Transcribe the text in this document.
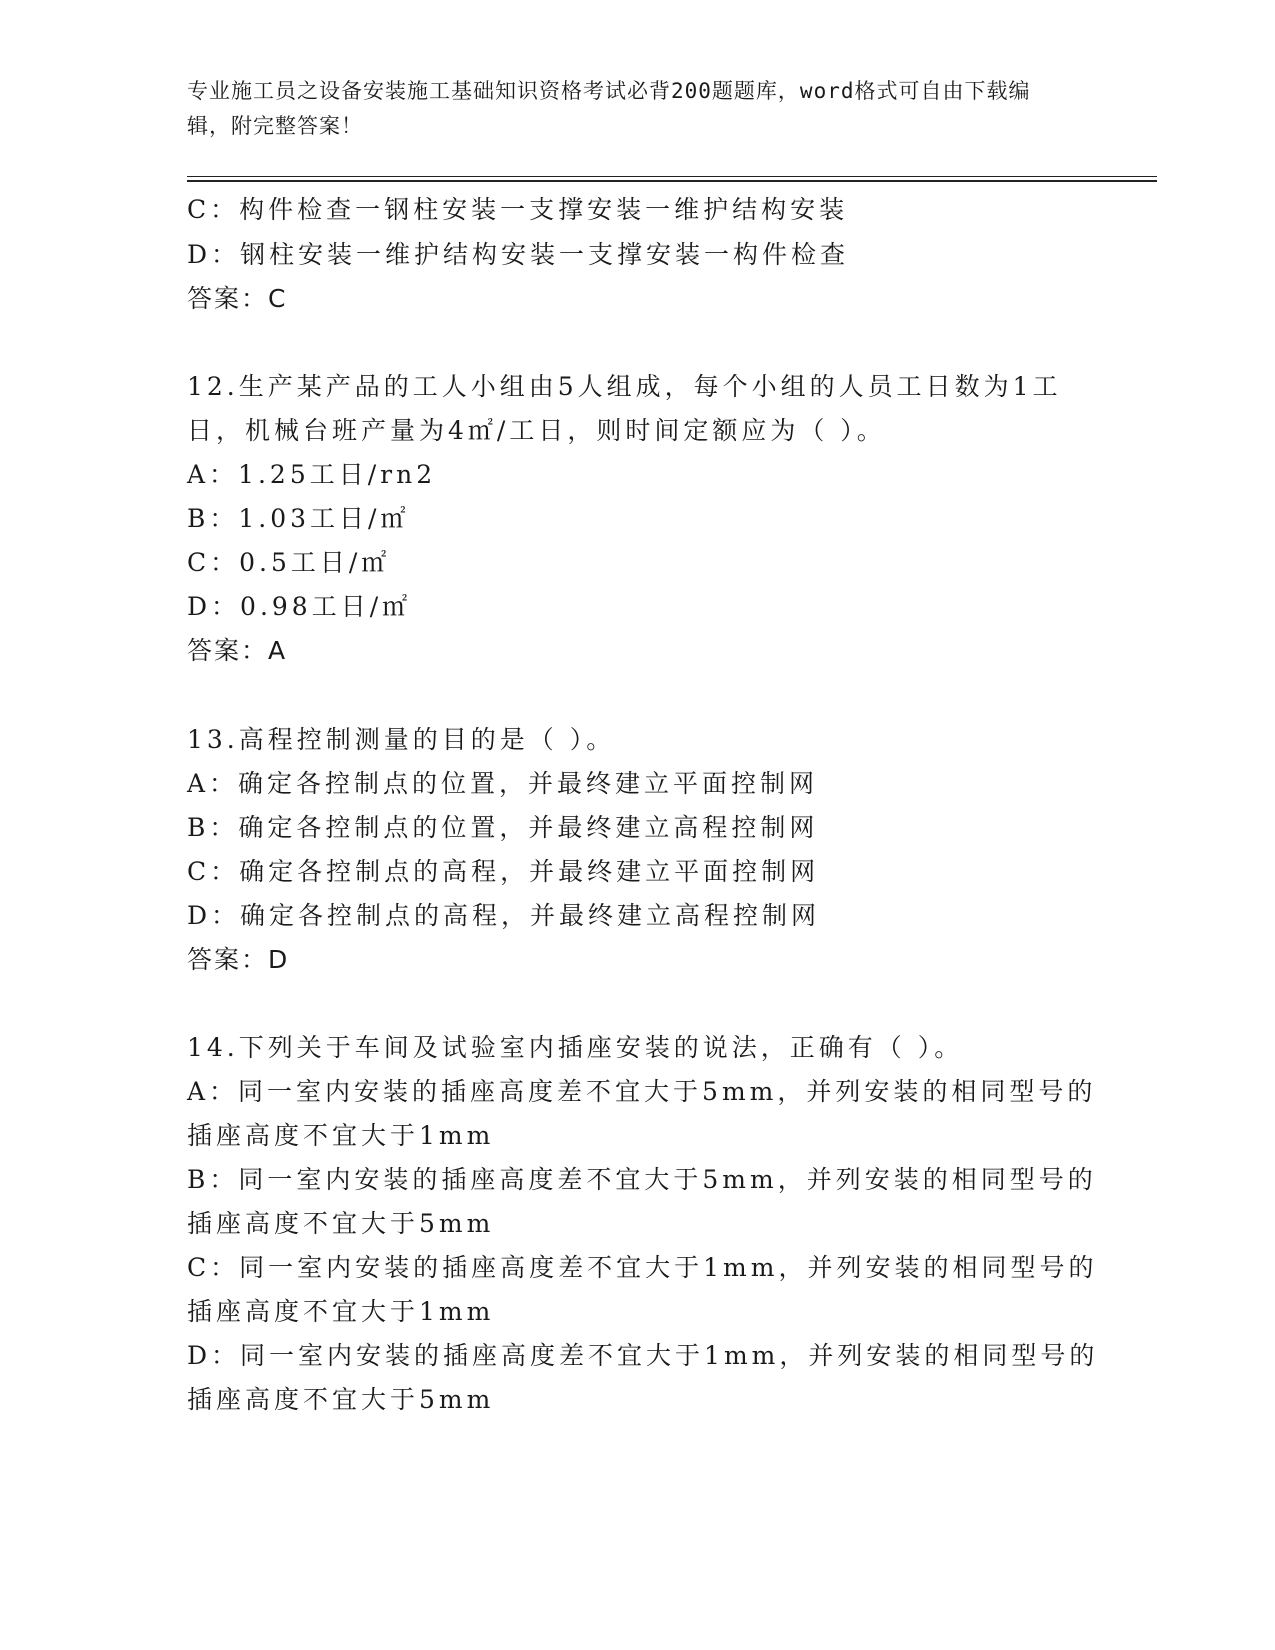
专业施工员之设备安装施工基础知识资格考试必背200题题库，word格式可自由下载编辑，附完整答案！
C：构件检查一钢柱安装一支撑安装一维护结构安装
D：钢柱安装一维护结构安装一支撑安装一构件检查
答案：C
12.生产某产品的工人小组由5人组成，每个小组的人员工日数为1工
日，机械台班产量为4㎡/工日，则时间定额应为（ ）。
A：1.25工日/rn2
B：1.03工日/㎡
C：0.5工日/㎡
D：0.98工日/㎡
答案：A
13.高程控制测量的目的是（ ）。
A：确定各控制点的位置，并最终建立平面控制网
B：确定各控制点的位置，并最终建立高程控制网
C：确定各控制点的高程，并最终建立平面控制网
D：确定各控制点的高程，并最终建立高程控制网
答案：D
14.下列关于车间及试验室内插座安装的说法，正确有（ ）。
A：同一室内安装的插座高度差不宜大于5mm，并列安装的相同型号的
插座高度不宜大于1mm
B：同一室内安装的插座高度差不宜大于5mm，并列安装的相同型号的
插座高度不宜大于5mm
C：同一室内安装的插座高度差不宜大于1mm，并列安装的相同型号的
插座高度不宜大于1mm
D：同一室内安装的插座高度差不宜大于1mm，并列安装的相同型号的
插座高度不宜大于5mm
